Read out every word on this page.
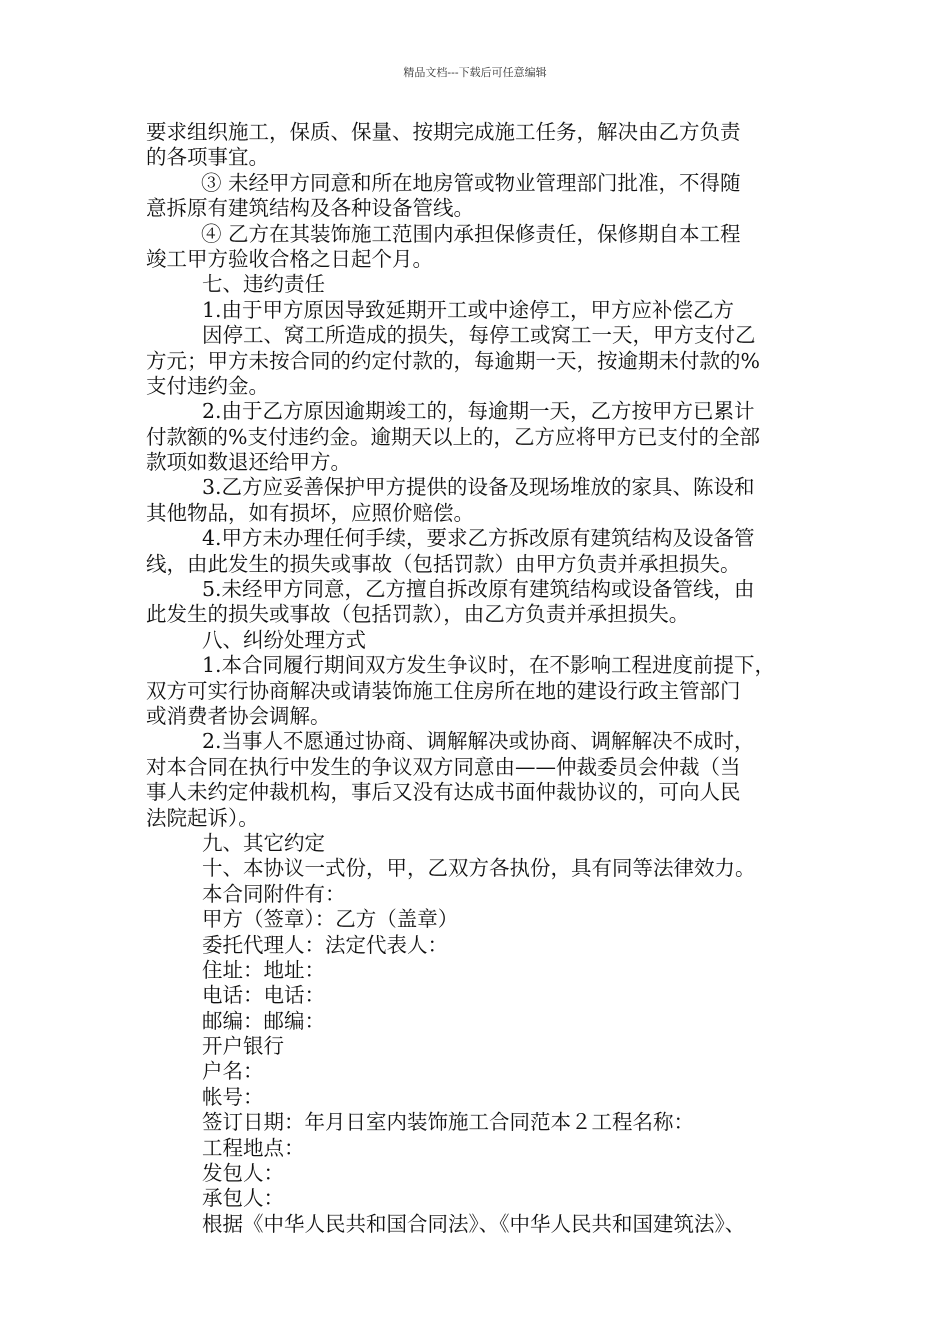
精品文档---下载后可任意编辑
要求组织施工，保质、保量、按期完成施工任务，解决由乙方负责
的各项事宜。
③ 未经甲方同意和所在地房管或物业管理部门批准，不得随
意拆原有建筑结构及各种设备管线。
④ 乙方在其装饰施工范围内承担保修责任，保修期自本工程
竣工甲方验收合格之日起个月。
七、违约责任
1.由于甲方原因导致延期开工或中途停工，甲方应补偿乙方
因停工、窝工所造成的损失，每停工或窝工一天，甲方支付乙
方元；甲方未按合同的约定付款的，每逾期一天，按逾期未付款的%
支付违约金。
2.由于乙方原因逾期竣工的，每逾期一天，乙方按甲方已累计
付款额的%支付违约金。逾期天以上的，乙方应将甲方已支付的全部
款项如数退还给甲方。
3.乙方应妥善保护甲方提供的设备及现场堆放的家具、陈设和
其他物品，如有损坏，应照价赔偿。
4.甲方未办理任何手续，要求乙方拆改原有建筑结构及设备管
线，由此发生的损失或事故（包括罚款）由甲方负责并承担损失。
5.未经甲方同意，乙方擅自拆改原有建筑结构或设备管线，由
此发生的损失或事故（包括罚款），由乙方负责并承担损失。
八、纠纷处理方式
1.本合同履行期间双方发生争议时，在不影响工程进度前提下，
双方可实行协商解决或请装饰施工住房所在地的建设行政主管部门
或消费者协会调解。
2.当事人不愿通过协商、调解解决或协商、调解解决不成时，
对本合同在执行中发生的争议双方同意由——仲裁委员会仲裁（当
事人未约定仲裁机构，事后又没有达成书面仲裁协议的，可向人民
法院起诉）。
九、其它约定
十、本协议一式份，甲，乙双方各执份，具有同等法律效力。
本合同附件有：
甲方（签章）：乙方（盖章）
委托代理人：法定代表人：
住址：地址：
电话：电话：
邮编：邮编：
开户银行
户名：
帐号：
签订日期：年月日室内装饰施工合同范本２工程名称：
工程地点：
发包人：
承包人：
根据《中华人民共和国合同法》、《中华人民共和国建筑法》、
